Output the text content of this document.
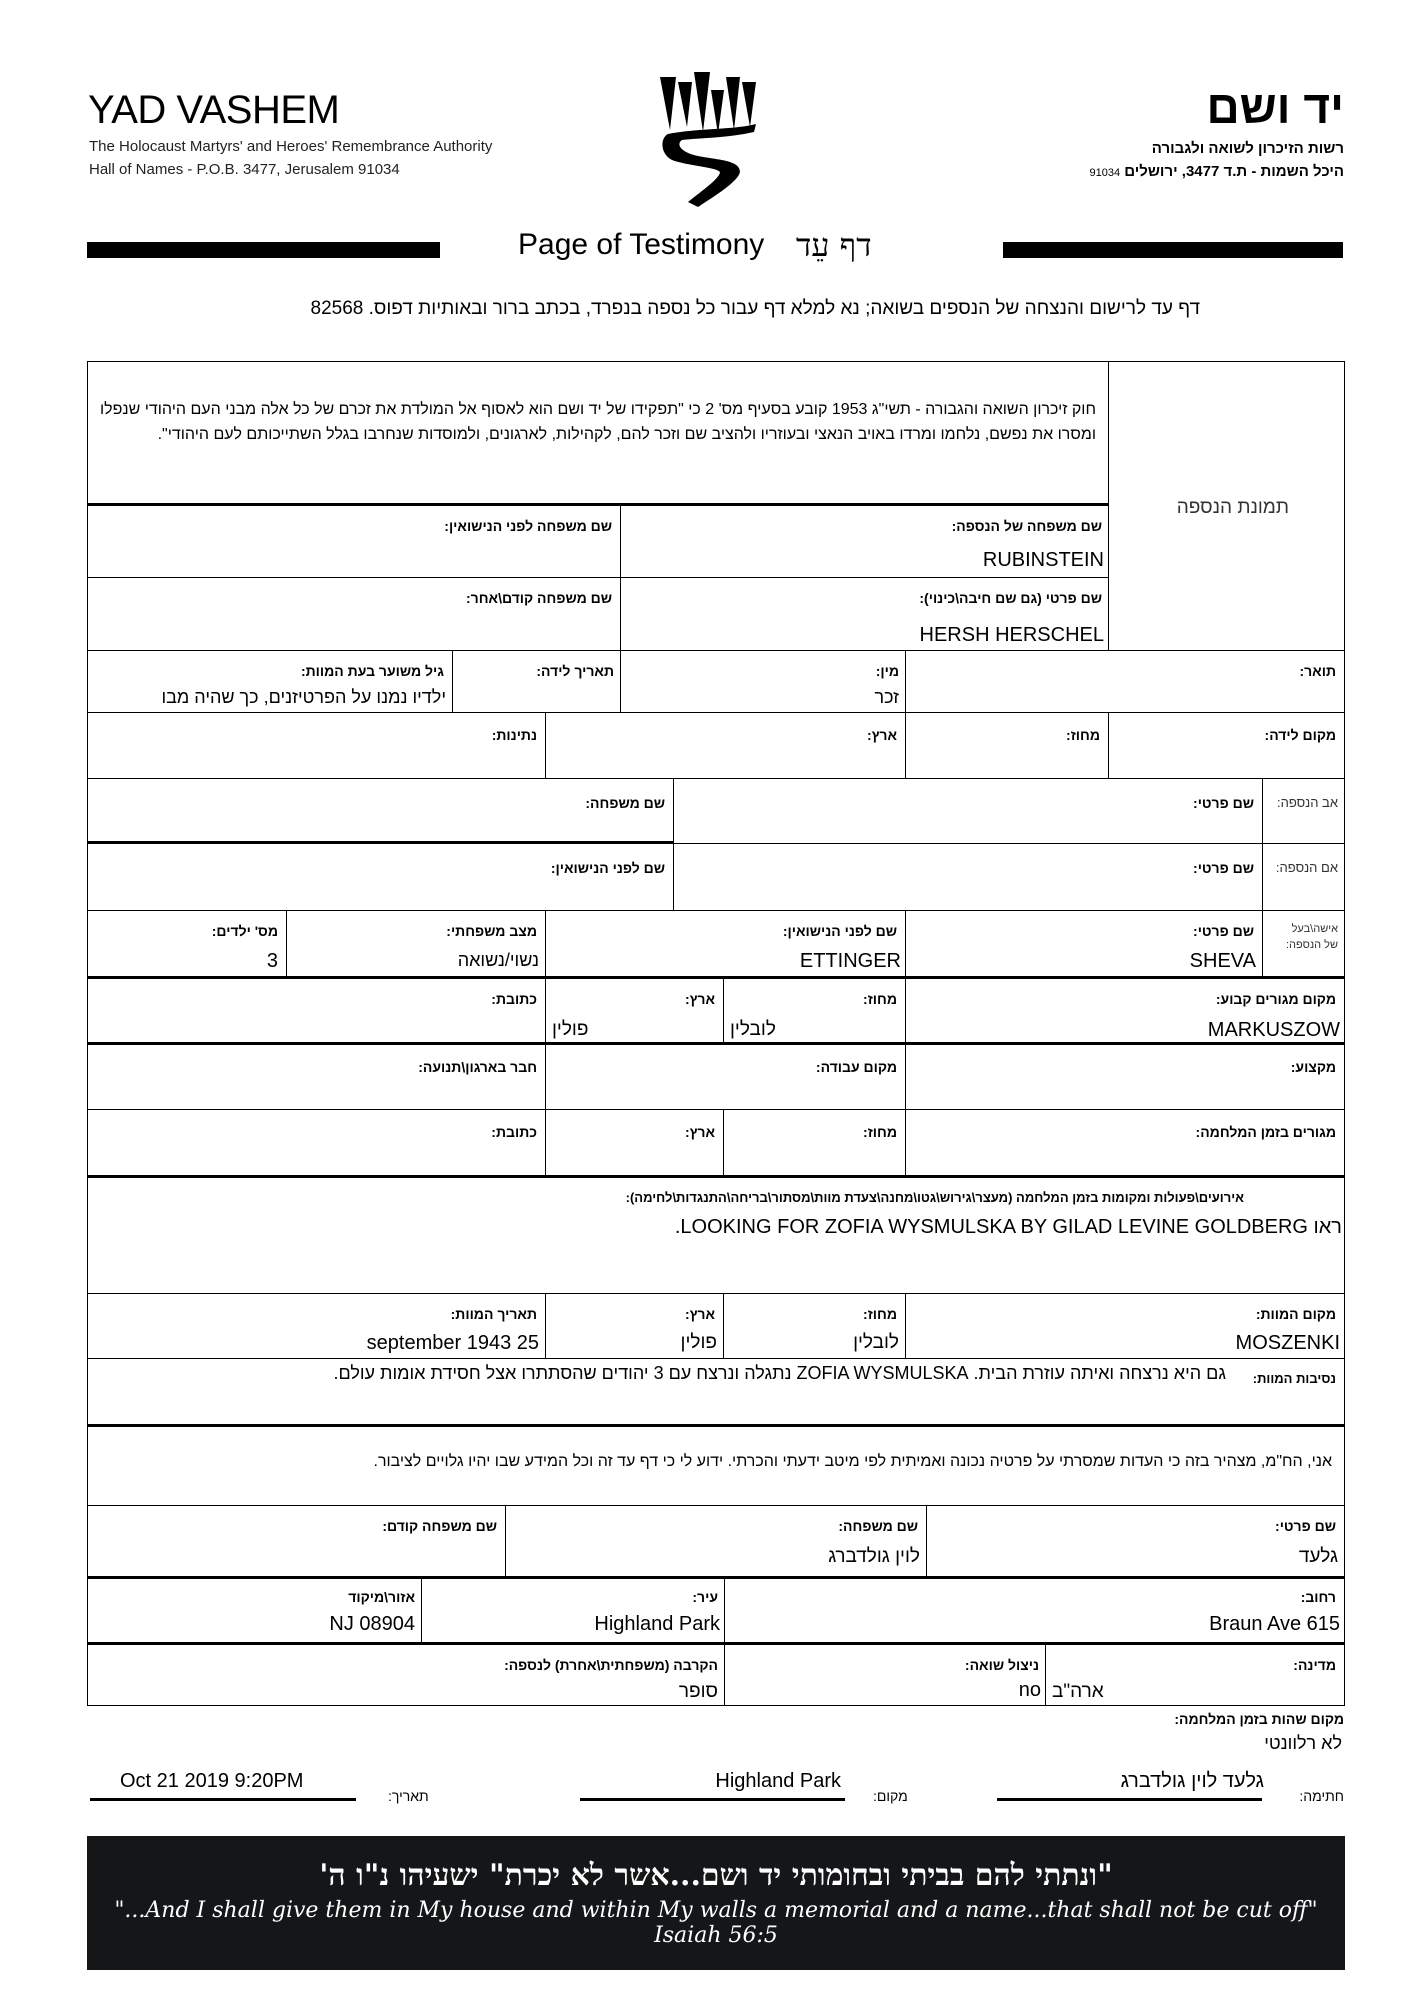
YAD VASHEM
The Holocaust Martyrs' and Heroes' Remembrance Authority
Hall of Names - P.O.B. 3477, Jerusalem 91034
יד ושם
רשות הזיכרון לשואה ולגבורה
היכל השמות - ת.ד 3477, ירושלים 91034
Page of Testimony דף עֵד
דף עד לרישום והנצחה של הנספים בשואה; נא למלא דף עבור כל נספה בנפרד, בכתב ברור ובאותיות דפוס. 82568
חוק זיכרון השואה והגבורה - תשי"ג 1953 קובע בסעיף מס' 2 כי "תפקידו של יד ושם הוא לאסוף אל המולדת את זכרם של כל אלה מבני העם היהודי שנפלו ומסרו את נפשם, נלחמו ומרדו באויב הנאצי ובעוזריו ולהציב שם וזכר להם, לקהילות, לארגונים, ולמוסדות שנחרבו בגלל השתייכותם לעם היהודי".
תמונת הנספה
שם משפחה של הנספה:
RUBINSTEIN
שם משפחה לפני הנישואין:
שם פרטי (גם שם חיבה\כינוי):
HERSH HERSCHEL
שם משפחה קודם\אחר:
תואר:
מין:
זכר
תאריך לידה:
גיל משוער בעת המוות:
ילדיו נמנו על הפרטיזנים, כך שהיה מבו
מקום לידה:
מחוז:
ארץ:
נתינות:
אב הנספה:
שם פרטי:
שם משפחה:
אם הנספה:
שם פרטי:
שם לפני הנישואין:
אישה\בעל
של הנספה:
שם פרטי:
SHEVA
שם לפני הנישואין:
ETTINGER
מצב משפחתי:
נשוי/נשואה
מס' ילדים:
3
מקום מגורים קבוע:
MARKUSZOW
מחוז:
לובלין
ארץ:
פולין
כתובת:
מקצוע:
מקום עבודה:
חבר בארגון\תנועה:
מגורים בזמן המלחמה:
מחוז:
ארץ:
כתובת:
אירועים\פעולות ומקומות בזמן המלחמה (מעצר\גירוש\גטו\מחנה\צעדת מוות\מסתור\בריחה\התנגדות\לחימה):
ראו LOOKING FOR ZOFIA WYSMULSKA BY GILAD LEVINE GOLDBERG.
מקום המוות:
MOSZENKI
מחוז:
לובלין
ארץ:
פולין
תאריך המוות:
september 1943 25
נסיבות המוות:
גם היא נרצחה ואיתה עוזרת הבית. ZOFIA WYSMULSKA נתגלה ונרצח עם 3 יהודים שהסתתרו אצל חסידת אומות עולם.
אני, הח"מ, מצהיר בזה כי העדות שמסרתי על פרטיה נכונה ואמיתית לפי מיטב ידעתי והכרתי. ידוע לי כי דף עד זה וכל המידע שבו יהיו גלויים לציבור.
שם פרטי:
גלעד
שם משפחה:
לוין גולדברג
שם משפחה קודם:
רחוב:
Braun Ave 615
עיר:
Highland Park
אזור\מיקוד
NJ 08904
מדינה:
ארה"ב
ניצול שואה:
no
הקרבה (משפחתית\אחרת) לנספה:
סופר
מקום שהות בזמן המלחמה:
לא רלוונטי
חתימה:
גלעד לוין גולדברג
מקום:
Highland Park
תאריך:
Oct 21 2019 9:20PM
"ונתתי להם בביתי ובחומותי יד ושם...אשר לא יכרת" ישעיהו נ"ו ה'
"...And I shall give them in My house and within My walls a memorial and a name...that shall not be cut off" Isaiah 56:5
